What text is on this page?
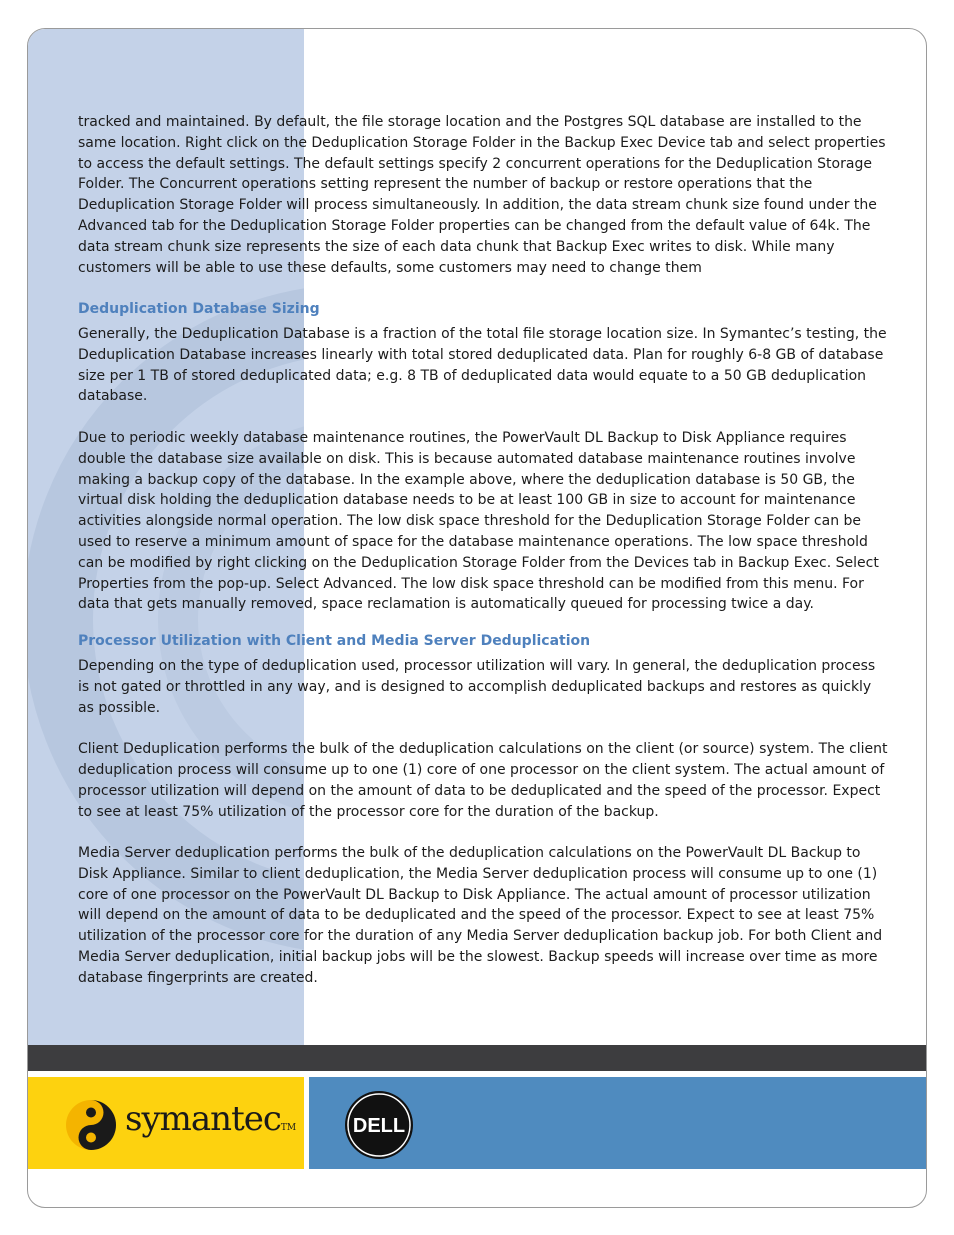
symantecTM	DELL

tracked and maintained. By default, the file storage location and the Postgres SQL database are installed to the same location. Right click on the Deduplication Storage Folder in the Backup Exec Device tab and select properties to access the default settings. The default settings specify 2 concurrent operations for the Deduplication Storage Folder. The Concurrent operations setting represent the number of backup or restore operations that the Deduplication Storage Folder will process simultaneously. In addition, the data stream chunk size found under the Advanced tab for the Deduplication Storage Folder properties can be changed from the default value of 64k. The data stream chunk size represents the size of each data chunk that Backup Exec writes to disk. While many customers will be able to use these defaults, some customers may need to change them

Deduplication Database Sizing

Generally, the Deduplication Database is a fraction of the total file storage location size. In Symantec’s testing, the Deduplication Database increases linearly with total stored deduplicated data. Plan for roughly 6-8 GB of database size per 1 TB of stored deduplicated data; e.g. 8 TB of deduplicated data would equate to a 50 GB deduplication database.

Due to periodic weekly database maintenance routines, the PowerVault DL Backup to Disk Appliance requires double the database size available on disk. This is because automated database maintenance routines involve making a backup copy of the database. In the example above, where the deduplication database is 50 GB, the virtual disk holding the deduplication database needs to be at least 100 GB in size to account for maintenance activities alongside normal operation. The low disk space threshold for the Deduplication Storage Folder can be used to reserve a minimum amount of space for the database maintenance operations. The low space threshold can be modified by right clicking on the Deduplication Storage Folder from the Devices tab in Backup Exec. Select Properties from the pop-up. Select Advanced. The low disk space threshold can be modified from this menu. For data that gets manually removed, space reclamation is automatically queued for processing twice a day.

Processor Utilization with Client and Media Server Deduplication

Depending on the type of deduplication used, processor utilization will vary. In general, the deduplication process is not gated or throttled in any way, and is designed to accomplish deduplicated backups and restores as quickly as possible.

Client Deduplication performs the bulk of the deduplication calculations on the client (or source) system. The client deduplication process will consume up to one (1) core of one processor on the client system. The actual amount of processor utilization will depend on the amount of data to be deduplicated and the speed of the processor. Expect to see at least 75% utilization of the processor core for the duration of the backup.

Media Server deduplication performs the bulk of the deduplication calculations on the PowerVault DL Backup to Disk Appliance. Similar to client deduplication, the Media Server deduplication process will consume up to one (1) core of one processor on the PowerVault DL Backup to Disk Appliance. The actual amount of processor utilization will depend on the amount of data to be deduplicated and the speed of the processor. Expect to see at least 75% utilization of the processor core for the duration of any Media Server deduplication backup job. For both Client and Media Server deduplication, initial backup jobs will be the slowest. Backup speeds will increase over time as more database fingerprints are created.
